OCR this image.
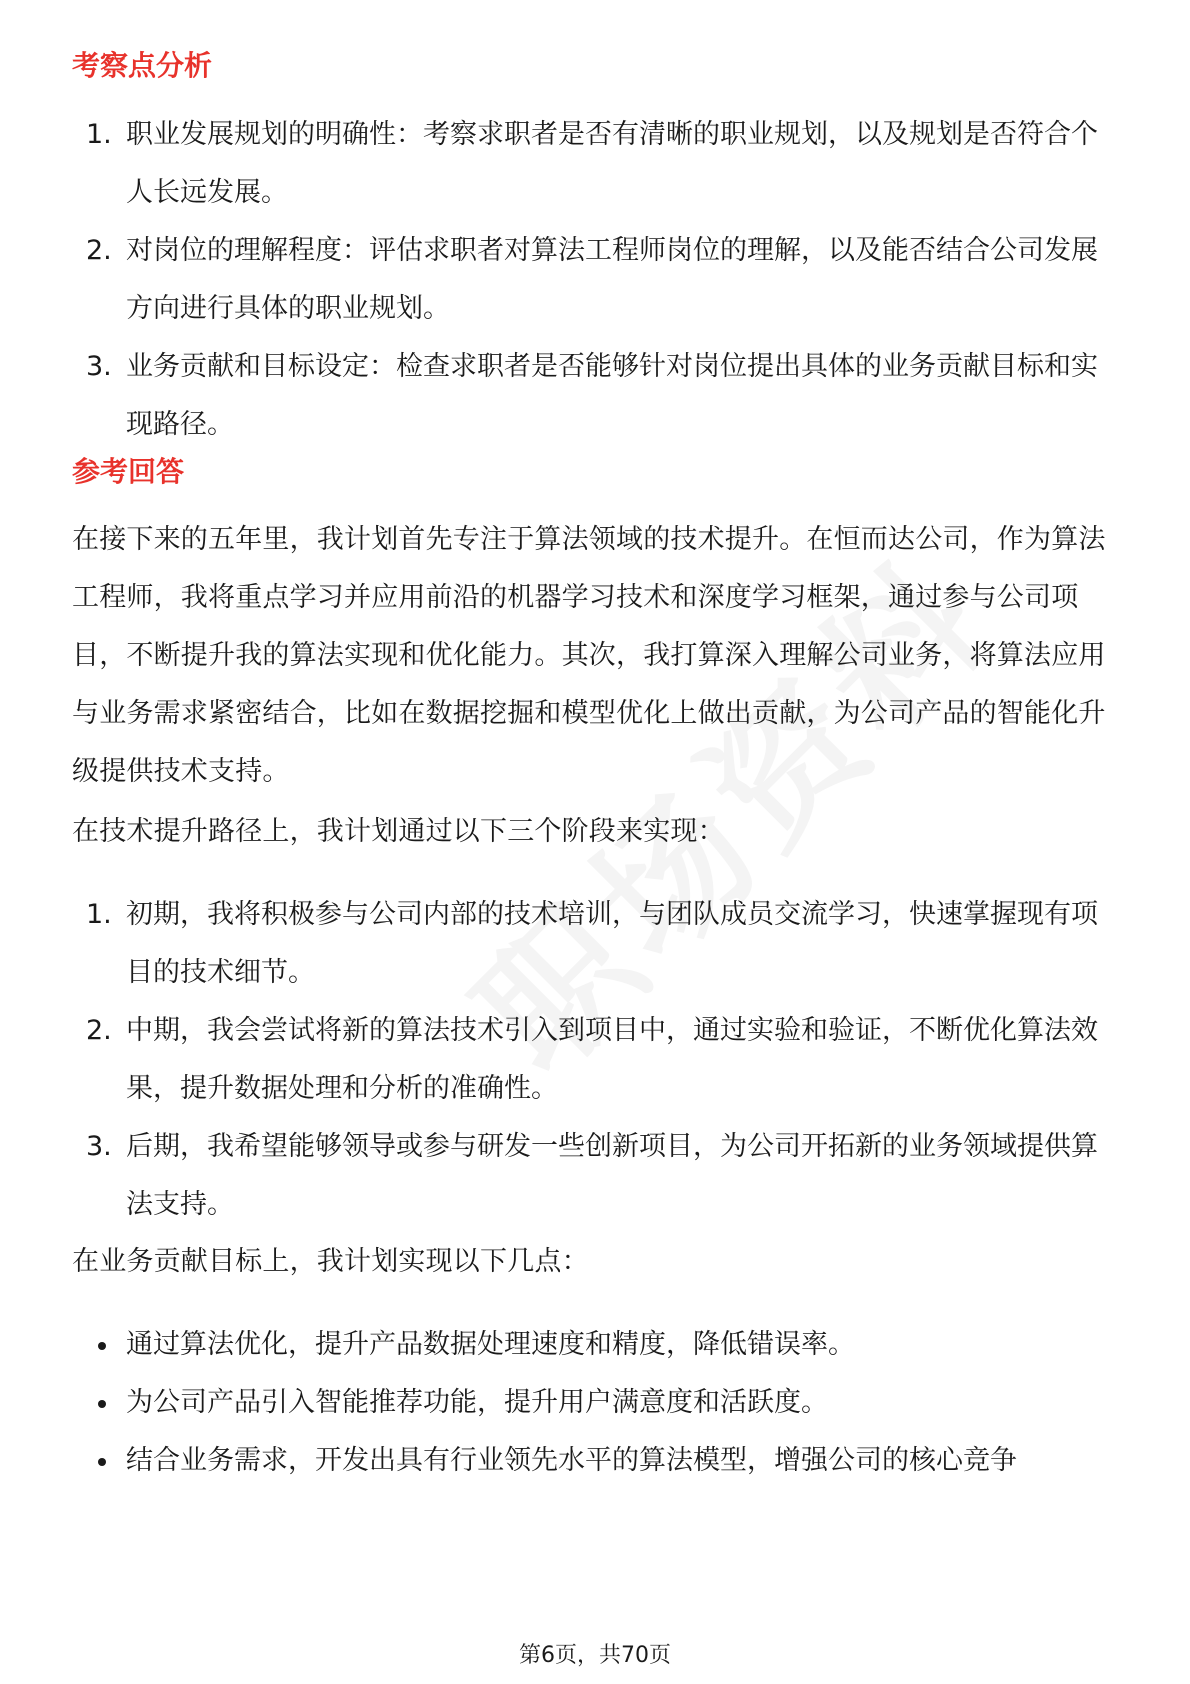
考察点分析
1. 职业发展规划的明确性：考察求职者是否有清晰的职业规划，以及规划是否符合个人长远发展。
2. 对岗位的理解程度：评估求职者对算法工程师岗位的理解，以及能否结合公司发展方向进行具体的职业规划。
3. 业务贡献和目标设定：检查求职者是否能够针对岗位提出具体的业务贡献目标和实现路径。
参考回答

在接下来的五年里，我计划首先专注于算法领域的技术提升。在恒而达公司，作为算法工程师，我将重点学习并应用前沿的机器学习技术和深度学习框架，通过参与公司项目，不断提升我的算法实现和优化能力。其次，我打算深入理解公司业务，将算法应用与业务需求紧密结合，比如在数据挖掘和模型优化上做出贡献，为公司产品的智能化升级提供技术支持。

在技术提升路径上，我计划通过以下三个阶段来实现：

1. 初期，我将积极参与公司内部的技术培训，与团队成员交流学习，快速掌握现有项目的技术细节。
2. 中期，我会尝试将新的算法技术引入到项目中，通过实验和验证，不断优化算法效果，提升数据处理和分析的准确性。
3. 后期，我希望能够领导或参与研发一些创新项目，为公司开拓新的业务领域提供算法支持。

在业务贡献目标上，我计划实现以下几点：

通过算法优化，提升产品数据处理速度和精度，降低错误率。
为公司产品引入智能推荐功能，提升用户满意度和活跃度。
结合业务需求，开发出具有行业领先水平的算法模型，增强公司的核心竞争
第6页，共70页
